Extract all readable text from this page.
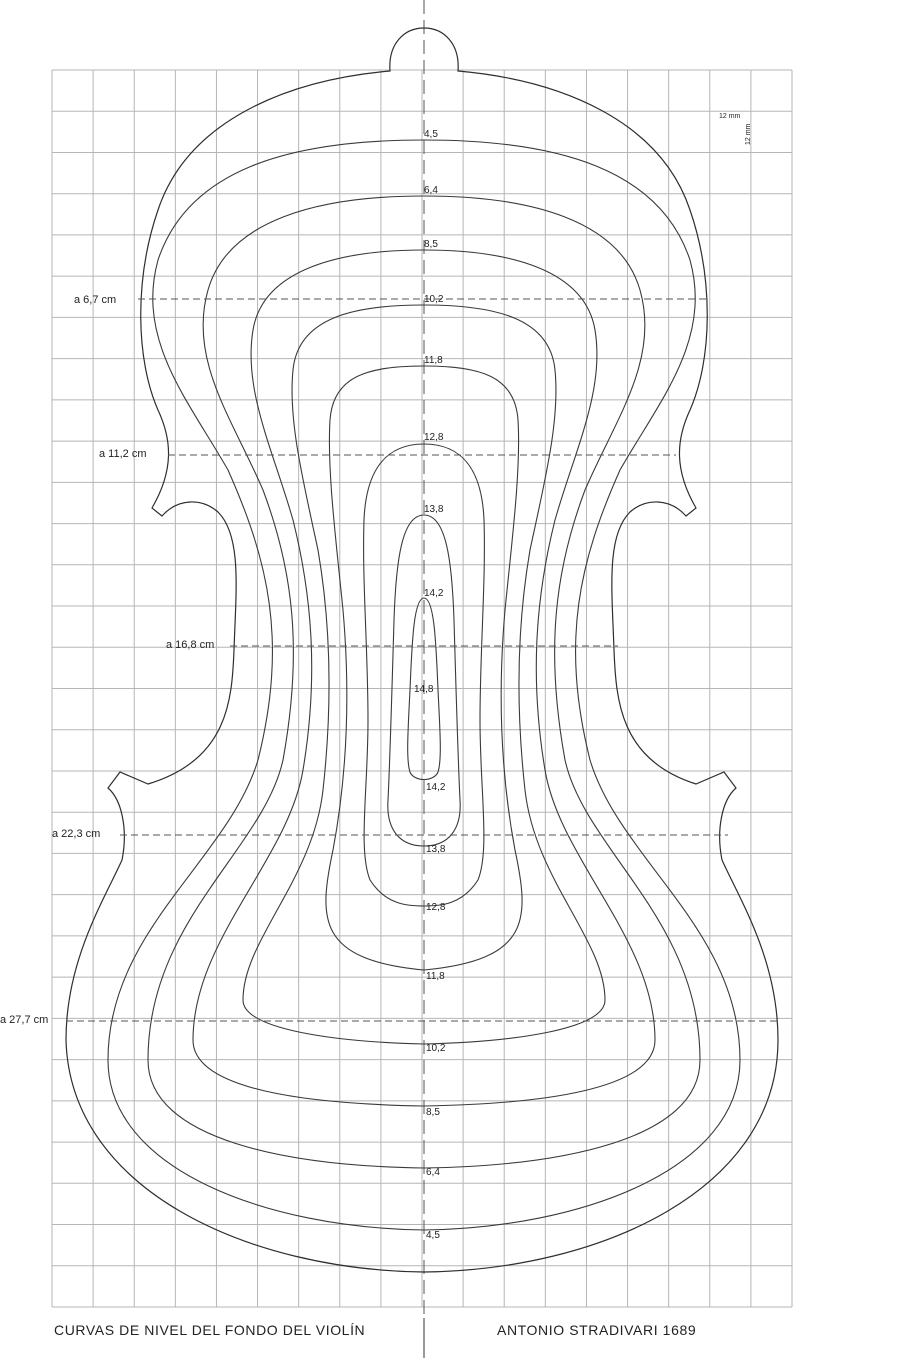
a 6,7 cm
a 11,2 cm
a 16,8 cm
a 22,3 cm
a 27,7 cm
4,5
6,4
8,5
10,2
11,8
12,8
13,8
14,2
14,8
14,2
13,8
12,8
11,8
10,2
8,5
6,4
4,5
12 mm
12 mm
CURVAS DE NIVEL DEL FONDO DEL VIOLÍN	ANTONIO STRADIVARI 1689
